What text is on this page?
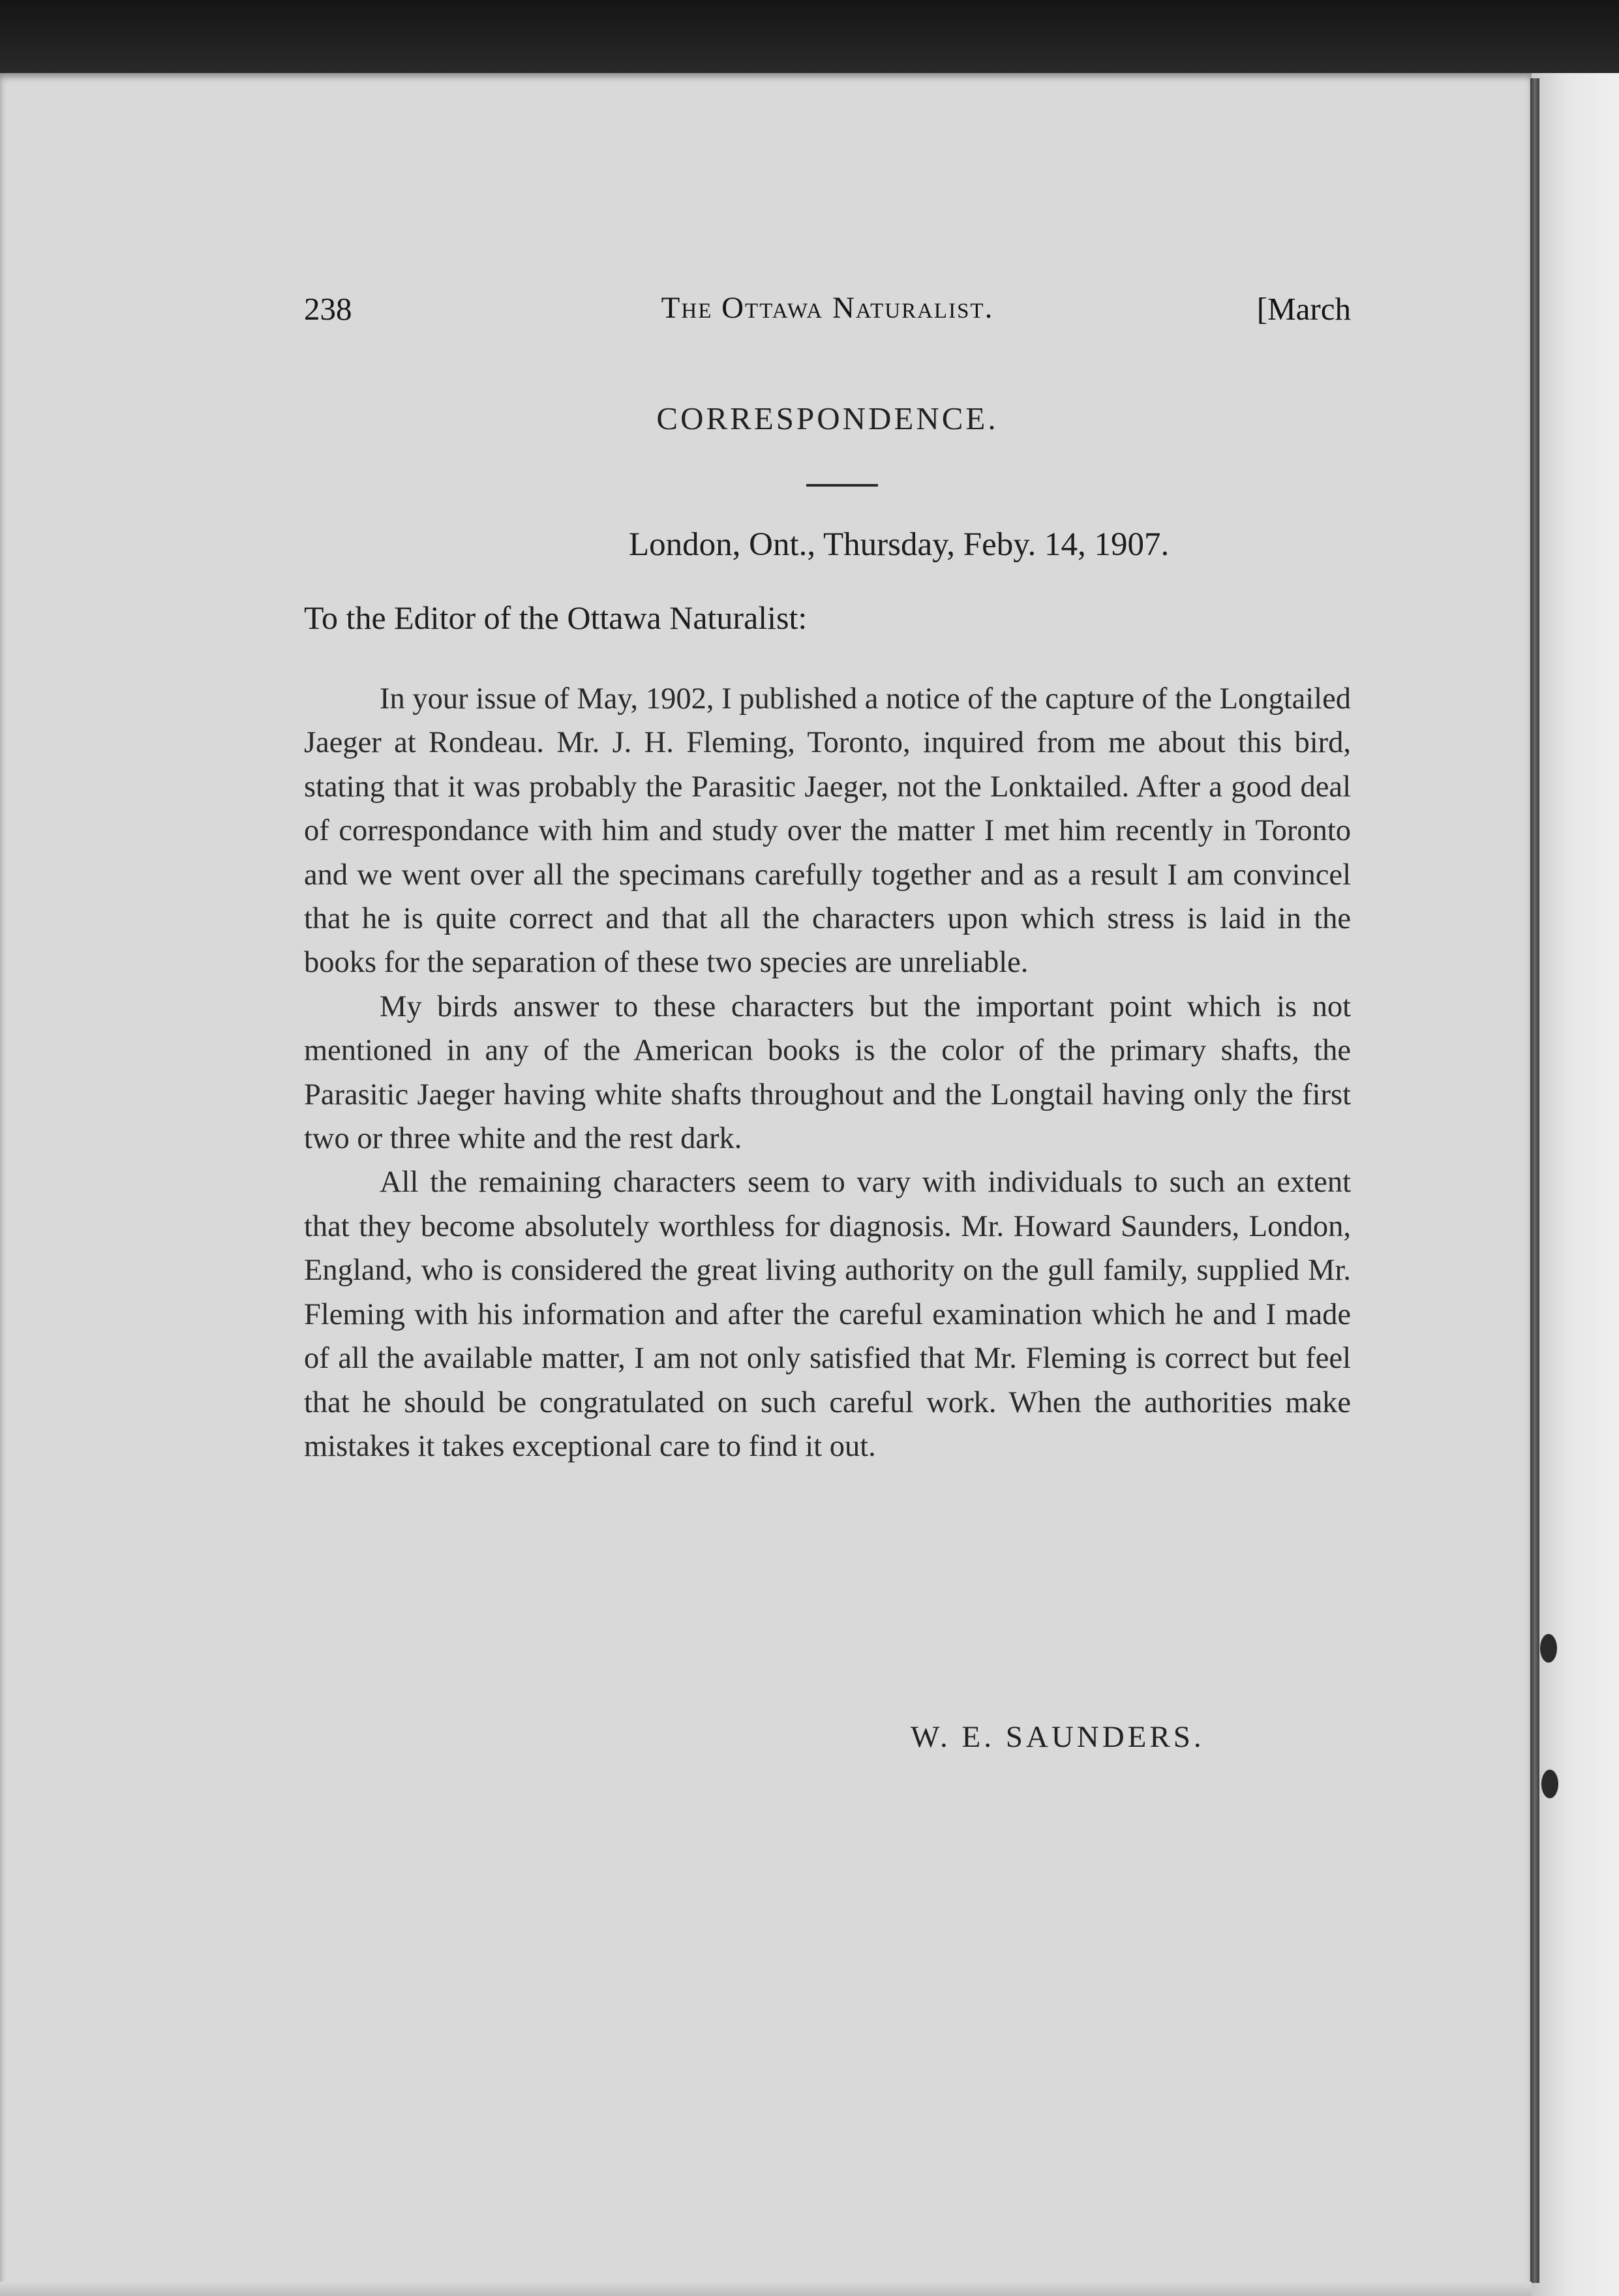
238	The Ottawa Naturalist.	[March
CORRESPONDENCE.
London, Ont., Thursday, Feby. 14, 1907.
To the Editor of the Ottawa Naturalist:

In your issue of May, 1902, I published a notice of the capture of the Longtailed Jaeger at Rondeau. Mr. J. H. Fleming, Toronto, inquired from me about this bird, stating that it was probably the Parasitic Jaeger, not the Lonktailed. After a good deal of correspondance with him and study over the matter I met him recently in Toronto and we went over all the specimans carefully together and as a result I am convincel that he is quite correct and that all the characters upon which stress is laid in the books for the separation of these two species are unreliable.

My birds answer to these characters but the important point which is not mentioned in any of the American books is the color of the primary shafts, the Parasitic Jaeger having white shafts throughout and the Longtail having only the first two or three white and the rest dark.

All the remaining characters seem to vary with individuals to such an extent that they become absolutely worthless for diagnosis. Mr. Howard Saunders, London, England, who is considered the great living authority on the gull family, supplied Mr. Fleming with his information and after the careful examination which he and I made of all the available matter, I am not only satisfied that Mr. Fleming is correct but feel that he should be congratulated on such careful work. When the authorities make mistakes it takes exceptional care to find it out.

W. E. SAUNDERS.
